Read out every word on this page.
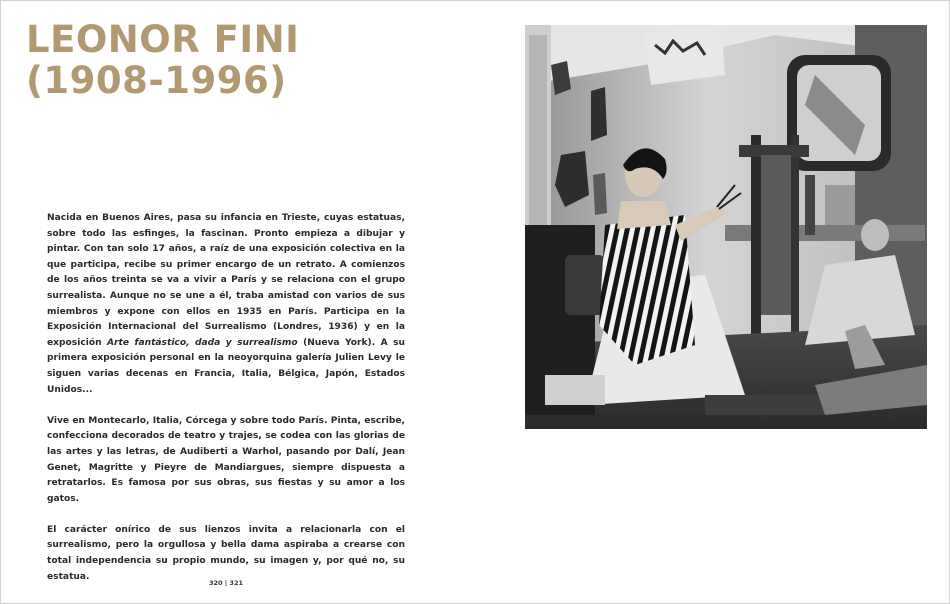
LEONOR FINI
(1908-1996)

Nacida en Buenos Aires, pasa su infancia en Trieste, cuyas estatuas, sobre todo las esfinges, la fascinan. Pronto empieza a dibujar y pintar. Con tan solo 17 años, a raíz de una exposición colectiva en la que participa, recibe su primer encargo de un retrato. A comienzos de los años treinta se va a vivir a París y se relaciona con el grupo surrealista. Aunque no se une a él, traba amistad con varios de sus miembros y expone con ellos en 1935 en París. Participa en la Exposición Internacional del Surrealismo (Londres, 1936) y en la exposición Arte fantástico, dada y surrealismo (Nueva York). A su primera exposición personal en la neoyorquina galería Julien Levy le siguen varias decenas en Francia, Italia, Bélgica, Japón, Estados Unidos...

Vive en Montecarlo, Italia, Córcega y sobre todo París. Pinta, escribe, confecciona decorados de teatro y trajes, se codea con las glorias de las artes y las letras, de Audiberti a Warhol, pasando por Dalí, Jean Genet, Magritte y Pieyre de Mandiargues, siempre dispuesta a retratarlos. Es famosa por sus obras, sus fiestas y su amor a los gatos.

El carácter onírico de sus lienzos invita a relacionarla con el surrealismo, pero la orgullosa y bella dama aspiraba a crearse con total independencia su propio mundo, su imagen y, por qué no, su estatua.

320 | 321
